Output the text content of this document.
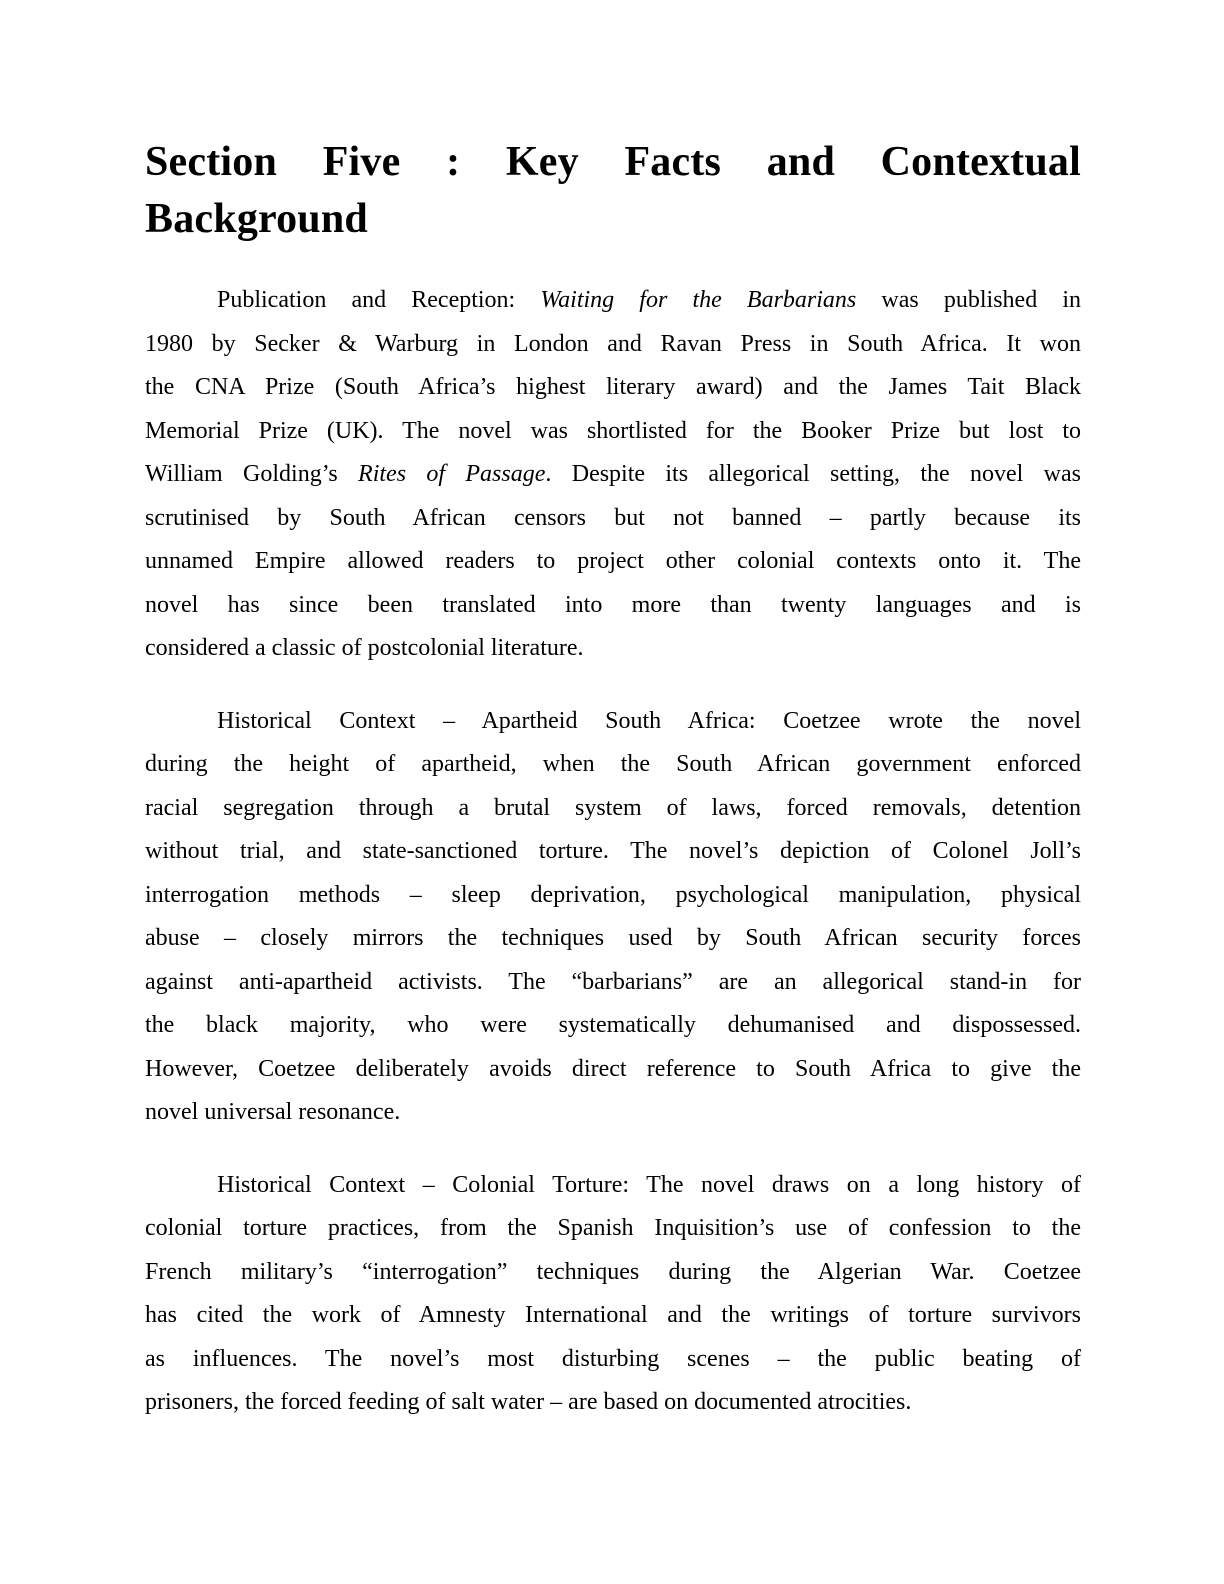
Section Five : Key Facts and Contextual
Background
Publication and Reception: Waiting for the Barbarians was published in
1980 by Secker & Warburg in London and Ravan Press in South Africa. It won
the CNA Prize (South Africa’s highest literary award) and the James Tait Black
Memorial Prize (UK). The novel was shortlisted for the Booker Prize but lost to
William Golding’s Rites of Passage. Despite its allegorical setting, the novel was
scrutinised by South African censors but not banned – partly because its
unnamed Empire allowed readers to project other colonial contexts onto it. The
novel has since been translated into more than twenty languages and is
considered a classic of postcolonial literature.
Historical Context – Apartheid South Africa: Coetzee wrote the novel
during the height of apartheid, when the South African government enforced
racial segregation through a brutal system of laws, forced removals, detention
without trial, and state-sanctioned torture. The novel’s depiction of Colonel Joll’s
interrogation methods – sleep deprivation, psychological manipulation, physical
abuse – closely mirrors the techniques used by South African security forces
against anti-apartheid activists. The “barbarians” are an allegorical stand-in for
the black majority, who were systematically dehumanised and dispossessed.
However, Coetzee deliberately avoids direct reference to South Africa to give the
novel universal resonance.
Historical Context – Colonial Torture: The novel draws on a long history of
colonial torture practices, from the Spanish Inquisition’s use of confession to the
French military’s “interrogation” techniques during the Algerian War. Coetzee
has cited the work of Amnesty International and the writings of torture survivors
as influences. The novel’s most disturbing scenes – the public beating of
prisoners, the forced feeding of salt water – are based on documented atrocities.
